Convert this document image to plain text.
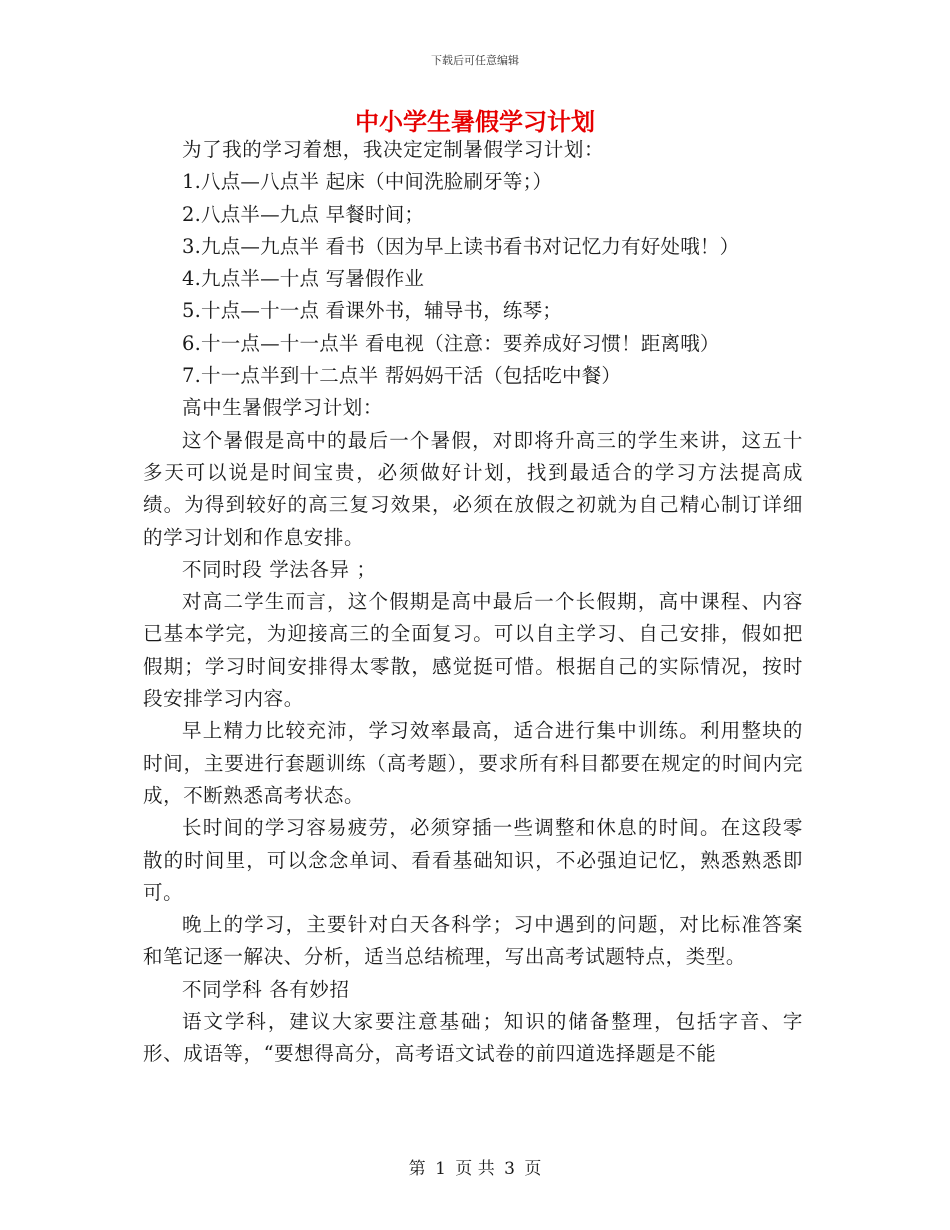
下载后可任意编辑
中小学生暑假学习计划

为了我的学习着想，我决定定制暑假学习计划：

1.八点—八点半 起床（中间洗脸刷牙等；）

2.八点半—九点 早餐时间；

3.九点—九点半 看书（因为早上读书看书对记忆力有好处哦！）

4.九点半—十点 写暑假作业

5.十点—十一点 看课外书，辅导书，练琴；

6.十一点—十一点半 看电视（注意：要养成好习惯！距离哦）

7.十一点半到十二点半 帮妈妈干活（包括吃中餐）

高中生暑假学习计划：

这个暑假是高中的最后一个暑假，对即将升高三的学生来讲，这五十多天可以说是时间宝贵，必须做好计划，找到最适合的学习方法提高成绩。为得到较好的高三复习效果，必须在放假之初就为自己精心制订详细的学习计划和作息安排。

不同时段 学法各异 ；

对高二学生而言，这个假期是高中最后一个长假期，高中课程、内容已基本学完，为迎接高三的全面复习。可以自主学习、自己安排，假如把假期；学习时间安排得太零散，感觉挺可惜。根据自己的实际情况，按时段安排学习内容。

早上精力比较充沛，学习效率最高，适合进行集中训练。利用整块的时间，主要进行套题训练（高考题），要求所有科目都要在规定的时间内完成，不断熟悉高考状态。

长时间的学习容易疲劳，必须穿插一些调整和休息的时间。在这段零散的时间里，可以念念单词、看看基础知识，不必强迫记忆，熟悉熟悉即可。

晚上的学习，主要针对白天各科学；习中遇到的问题，对比标准答案和笔记逐一解决、分析，适当总结梳理，写出高考试题特点，类型。

不同学科 各有妙招

语文学科，建议大家要注意基础；知识的储备整理，包括字音、字形、成语等，“要想得高分，高考语文试卷的前四道选择题是不能

第 1 页 共 3 页
